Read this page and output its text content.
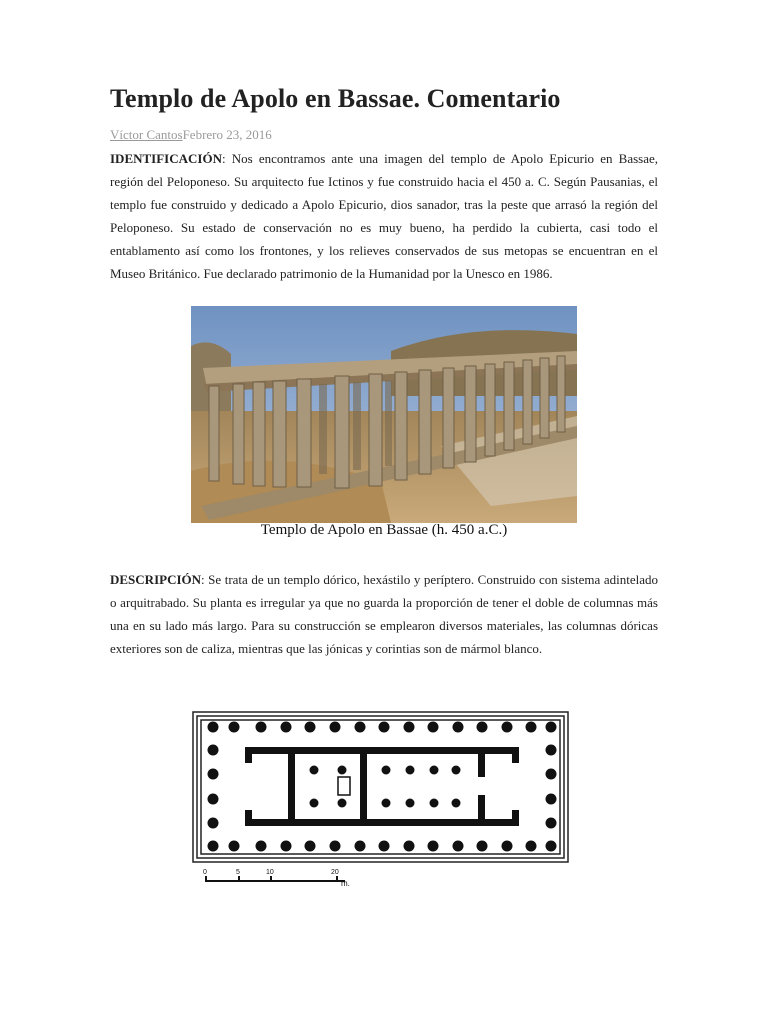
Templo de Apolo en Bassae. Comentario
Víctor CantosFebrero 23, 2016

IDENTIFICACIÓN: Nos encontramos ante una imagen del templo de Apolo Epicurio en Bassae, región del Peloponeso. Su arquitecto fue Ictinos y fue construido hacia el 450 a. C. Según Pausanias, el templo fue construido y dedicado a Apolo Epicurio, dios sanador, tras la peste que arrasó la región del Peloponeso. Su estado de conservación no es muy bueno, ha perdido la cubierta, casi todo el entablamento así como los frontones, y los relieves conservados de sus metopas se encuentran en el Museo Británico. Fue declarado patrimonio de la Humanidad por la Unesco en 1986.

Templo de Apolo en Bassae (h. 450 a.C.)

DESCRIPCIÓN: Se trata de un templo dórico, hexástilo y períptero. Construido con sistema adintelado o arquitrabado. Su planta es irregular ya que no guarda la proporción de tener el doble de columnas más una en su lado más largo. Para su construcción se emplearon diversos materiales, las columnas dóricas exteriores son de caliza, mientras que las jónicas y corintias son de mármol blanco.

0	5	10	20
m.
